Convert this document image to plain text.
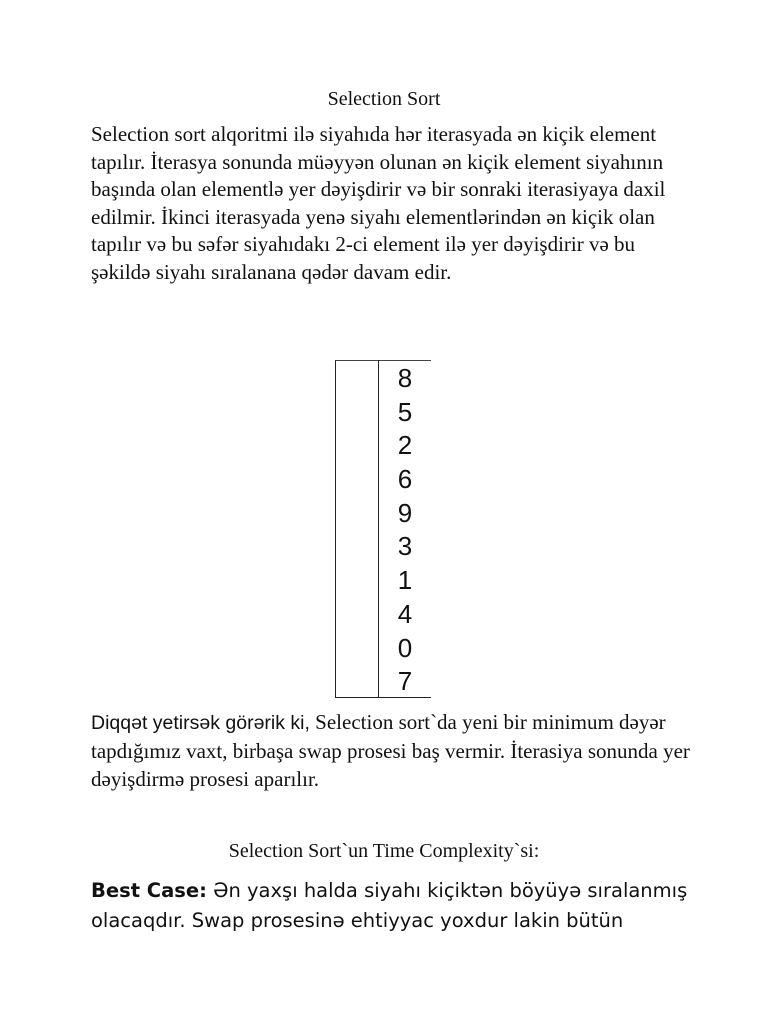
Selection Sort

Selection sort alqoritmi ilə siyahıda hər iterasyada ən kiçik element tapılır. İterasya sonunda müəyyən olunan ən kiçik element siyahının başında olan elementlə yer dəyişdirir və bir sonraki iterasiyaya daxil edilmir. İkinci iterasyada yenə siyahı elementlərindən ən kiçik olan tapılır və bu səfər siyahıdakı 2-ci element ilə yer dəyişdirir və bu şəkildə siyahı sıralanana qədər davam edir.

8
5
2
6
9
3
1
4
0
7

Diqqət yetirsək görərik ki, Selection sort`da yeni bir minimum dəyər tapdığımız vaxt, birbaşa swap prosesi baş vermir. İterasiya sonunda yer dəyişdirmə prosesi aparılır.

Selection Sort`un Time Complexity`si:

Best Case: Ən yaxşı halda siyahı kiçiktən böyüyə sıralanmış olacaqdır. Swap prosesinə ehtiyyac yoxdur lakin bütün
